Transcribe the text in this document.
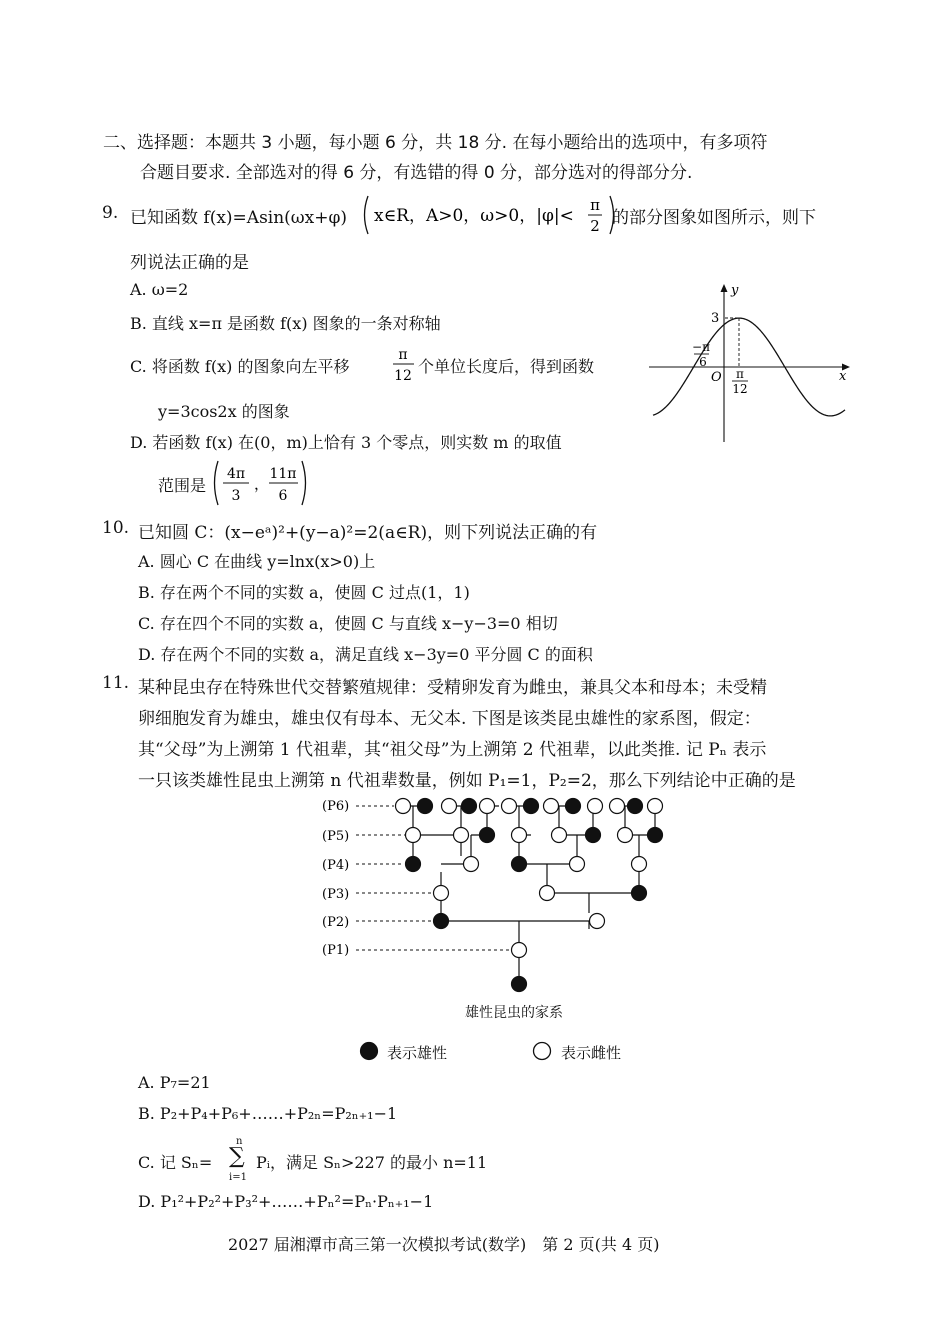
二、选择题：本题共 3 小题，每小题 6 分，共 18 分. 在每小题给出的选项中，有多项符
合题目要求. 全部选对的得 6 分，有选错的得 0 分，部分选对的得部分分.
9. 已知函数 f(x)=Asin(ωx+φ) x∈R，A>0，ω>0，|φ|<
π
2 的部分图象如图所示，则下
列说法正确的是
A. ω=2
B. 直线 x=π 是函数 f(x) 图象的一条对称轴
C. 将函数 f(x) 的图象向左平移
π
12 个单位长度后，得到函数
y=3cos2x 的图象
D. 若函数 f(x) 在(0，m)上恰有 3 个零点，则实数 m 的取值
范围是
4π
3
，
11π
6
y
x
3
O
−π
6
π
12
10. 已知圆 C：(x−eᵃ)²+(y−a)²=2(a∈R)，则下列说法正确的有
A. 圆心 C 在曲线 y=lnx(x>0)上
B. 存在两个不同的实数 a，使圆 C 过点(1，1)
C. 存在四个不同的实数 a，使圆 C 与直线 x−y−3=0 相切
D. 存在两个不同的实数 a，满足直线 x−3y=0 平分圆 C 的面积
11. 某种昆虫存在特殊世代交替繁殖规律：受精卵发育为雌虫，兼具父本和母本；未受精
卵细胞发育为雄虫，雄虫仅有母本、无父本. 下图是该类昆虫雄性的家系图，假定：
其“父母”为上溯第 1 代祖辈，其“祖父母”为上溯第 2 代祖辈，以此类推. 记 Pₙ 表示
一只该类雄性昆虫上溯第 n 代祖辈数量，例如 P₁=1，P₂=2，那么下列结论中正确的是
(P6)
(P5)
(P4)
(P3)
(P2)
(P1)
雄性昆虫的家系
表示雄性	表示雌性
A. P₇=21
B. P₂+P₄+P₆+……+P₂ₙ=P₂ₙ₊₁−1
C. 记 Sₙ=
n
∑
i=1
Pᵢ，满足 Sₙ>227 的最小 n=11
D. P₁²+P₂²+P₃²+……+Pₙ²=Pₙ·Pₙ₊₁−1
2027 届湘潭市高三第一次模拟考试(数学)　第 2 页(共 4 页)
